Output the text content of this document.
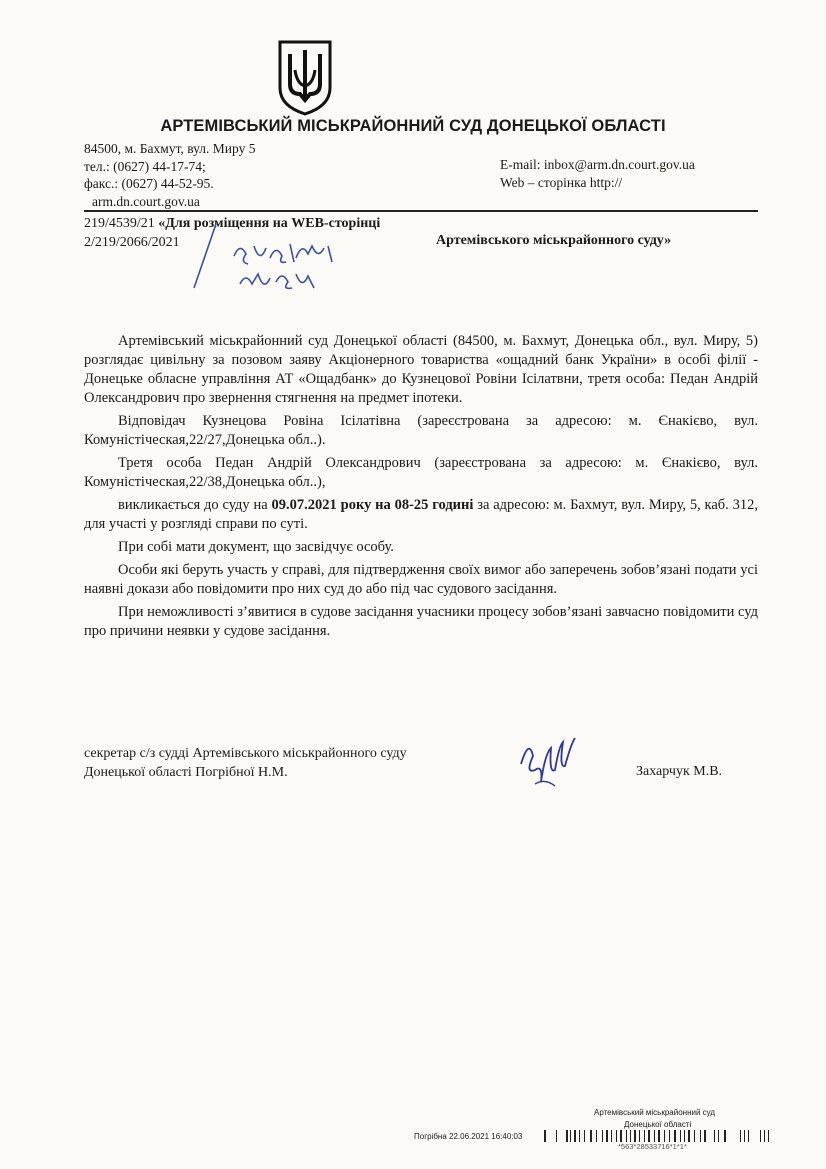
АРТЕМІВСЬКИЙ МІСЬКРАЙОННИЙ СУД ДОНЕЦЬКОЇ ОБЛАСТІ
84500, м. Бахмут, вул. Миру 5
тел.: (0627) 44-17-74;
факс.: (0627) 44-52-95.
arm.dn.court.gov.ua
E-mail: inbox@arm.dn.court.gov.ua
Web – сторінка http://
219/4539/21 «Для розміщення на WEB-сторінці
2/219/2066/2021	Артемівського міськрайонного суду»

Артемівський міськрайонний суд Донецької області (84500, м. Бахмут, Донецька обл., вул. Миру, 5) розглядає цивільну за позовом заяву Акціонерного товариства «ощадний банк України» в особі філії - Донецьке обласне управління АТ «Ощадбанк» до Кузнецової Ровіни Ісілатвни, третя особа: Педан Андрій Олександрович про звернення стягнення на предмет іпотеки.

Відповідач Кузнецова Ровіна Ісілатівна (зареєстрована за адресою: м. Єнакієво, вул. Комуністіческая,22/27,Донецька обл..).

Третя особа Педан Андрій Олександрович (зареєстрована за адресою: м. Єнакієво, вул. Комуністіческая,22/38,Донецька обл..),

викликається до суду на 09.07.2021 року на 08-25 годині за адресою: м. Бахмут, вул. Миру, 5, каб. 312, для участі у розгляді справи по суті.

При собі мати документ, що засвідчує особу.

Особи які беруть участь у справі, для підтвердження своїх вимог або заперечень зобов’язані подати усі наявні докази або повідомити про них суд до або під час судового засідання.

При неможливості з’явитися в судове засідання учасники процесу зобов’язані завчасно повідомити суд про причини неявки у судове засідання.

секретар с/з судді Артемівського міськрайонного суду
Донецької області Погрібної Н.М.	Захарчук М.В.
Артемівський міськрайонний суд
Донецької області
Погрібна 22.06.2021 16:40:03
*563*28533716*1*1*
